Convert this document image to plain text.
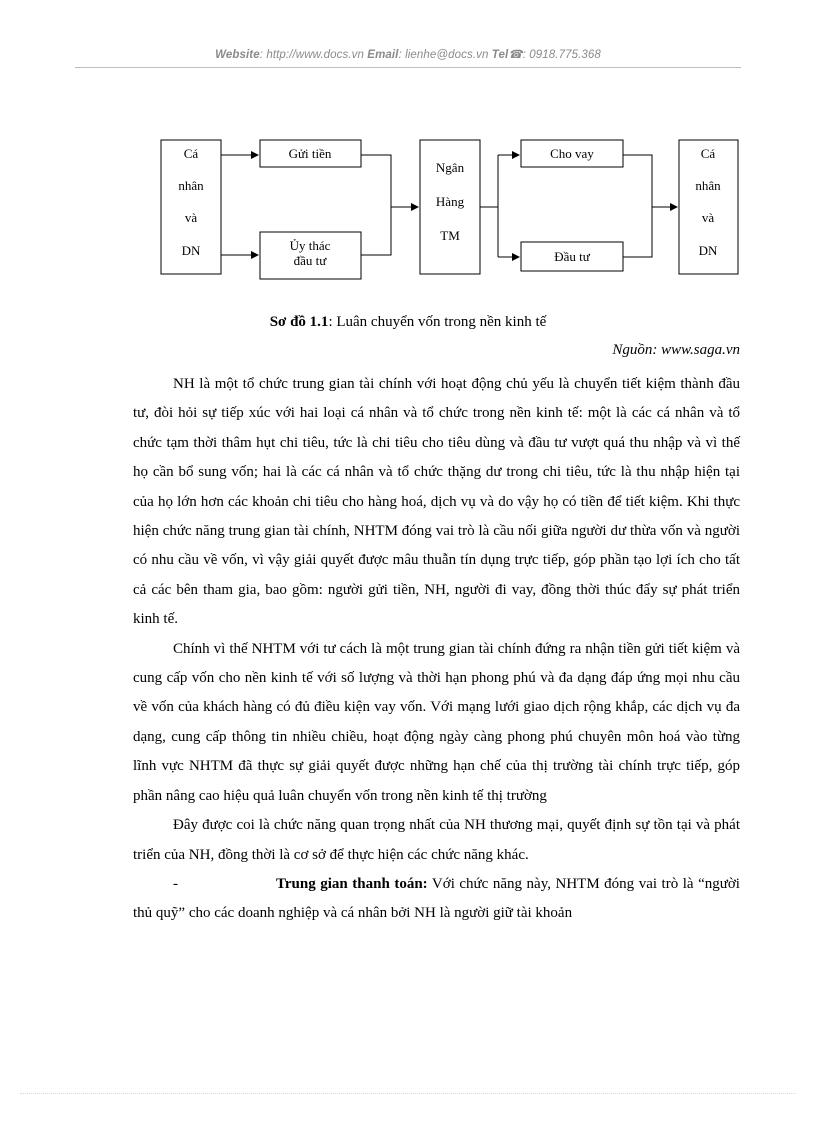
Website: http://www.docs.vn Email: lienhe@docs.vn Tel☎: 0918.775.368
Cá
nhân
và
DN
Gửi tiền
Ủy thác
đầu tư
Ngân
Hàng
TM
Cho vay
Đầu tư
Cá
nhân
và
DN
Sơ đồ 1.1: Luân chuyển vốn trong nền kinh tế
Nguồn: www.saga.vn

NH là một tổ chức trung gian tài chính với hoạt động chủ yếu là chuyển tiết kiệm thành đầu tư, đòi hỏi sự tiếp xúc với hai loại cá nhân và tổ chức trong nền kinh tế: một là các cá nhân và tổ chức tạm thời thâm hụt chi tiêu, tức là chi tiêu cho tiêu dùng và đầu tư vượt quá thu nhập và vì thế họ cần bổ sung vốn; hai là các cá nhân và tổ chức thặng dư trong chi tiêu, tức là thu nhập hiện tại của họ lớn hơn các khoản chi tiêu cho hàng hoá, dịch vụ và do vậy họ có tiền để tiết kiệm. Khi thực hiện chức năng trung gian tài chính, NHTM đóng vai trò là cầu nối giữa người dư thừa vốn và người có nhu cầu về vốn, vì vậy giải quyết được mâu thuẫn tín dụng trực tiếp, góp phần tạo lợi ích cho tất cả các bên tham gia, bao gồm: người gửi tiền, NH, người đi vay, đồng thời thúc đẩy sự phát triển kinh tế.

Chính vì thế NHTM với tư cách là một trung gian tài chính đứng ra nhận tiền gửi tiết kiệm và cung cấp vốn cho nền kinh tế với số lượng và thời hạn phong phú và đa dạng đáp ứng mọi nhu cầu về vốn của khách hàng có đủ điều kiện vay vốn. Với mạng lưới giao dịch rộng khắp, các dịch vụ đa dạng, cung cấp thông tin nhiều chiều, hoạt động ngày càng phong phú chuyên môn hoá vào từng lĩnh vực NHTM đã thực sự giải quyết được những hạn chế của thị trường tài chính trực tiếp, góp phần nâng cao hiệu quả luân chuyển vốn trong nền kinh tế thị trường

Đây được coi là chức năng quan trọng nhất của NH thương mại, quyết định sự tồn tại và phát triển của NH, đồng thời là cơ sở để thực hiện các chức năng khác.

-	Trung gian thanh toán: Với chức năng này, NHTM đóng vai trò là “người thủ quỹ” cho các doanh nghiệp và cá nhân bởi NH là người giữ tài khoản
